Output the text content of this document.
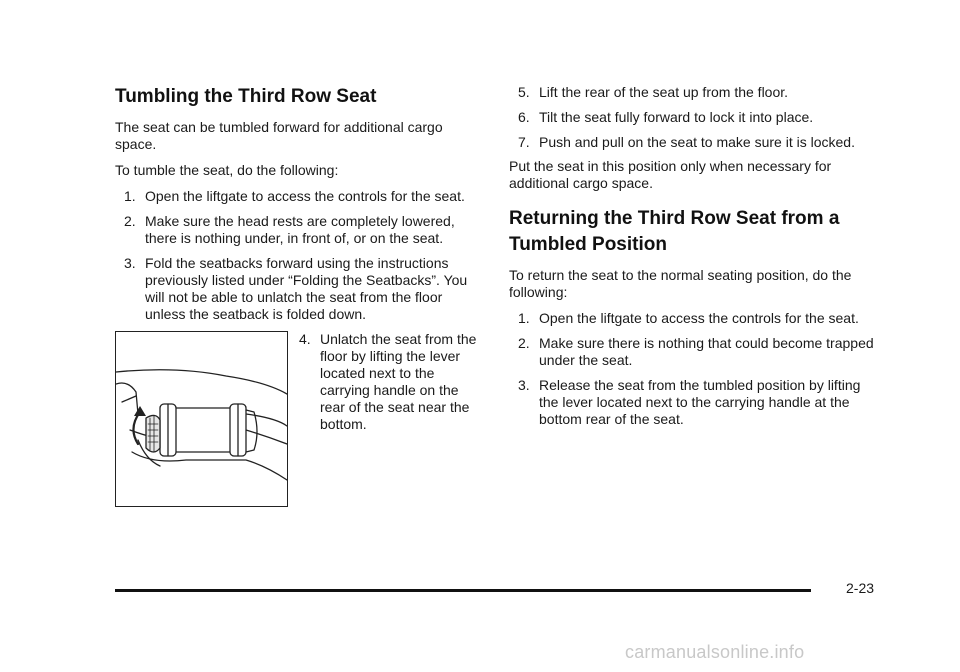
Tumbling the Third Row Seat

The seat can be tumbled forward for additional cargo space.

To tumble the seat, do the following:

1. Open the liftgate to access the controls for the seat.
2. Make sure the head rests are completely lowered, there is nothing under, in front of, or on the seat.
3. Fold the seatbacks forward using the instructions previously listed under “Folding the Seatbacks”. You will not be able to unlatch the seat from the floor unless the seatback is folded down.
4. Unlatch the seat from the floor by lifting the lever located next to the carrying handle on the rear of the seat near the bottom.
5. Lift the rear of the seat up from the floor.
6. Tilt the seat fully forward to lock it into place.
7. Push and pull on the seat to make sure it is locked.

Put the seat in this position only when necessary for additional cargo space.

Returning the Third Row Seat from a Tumbled Position

To return the seat to the normal seating position, do the following:

1. Open the liftgate to access the controls for the seat.
2. Make sure there is nothing that could become trapped under the seat.
3. Release the seat from the tumbled position by lifting the lever located next to the carrying handle at the bottom rear of the seat.
2-23
carmanualsonline.info
